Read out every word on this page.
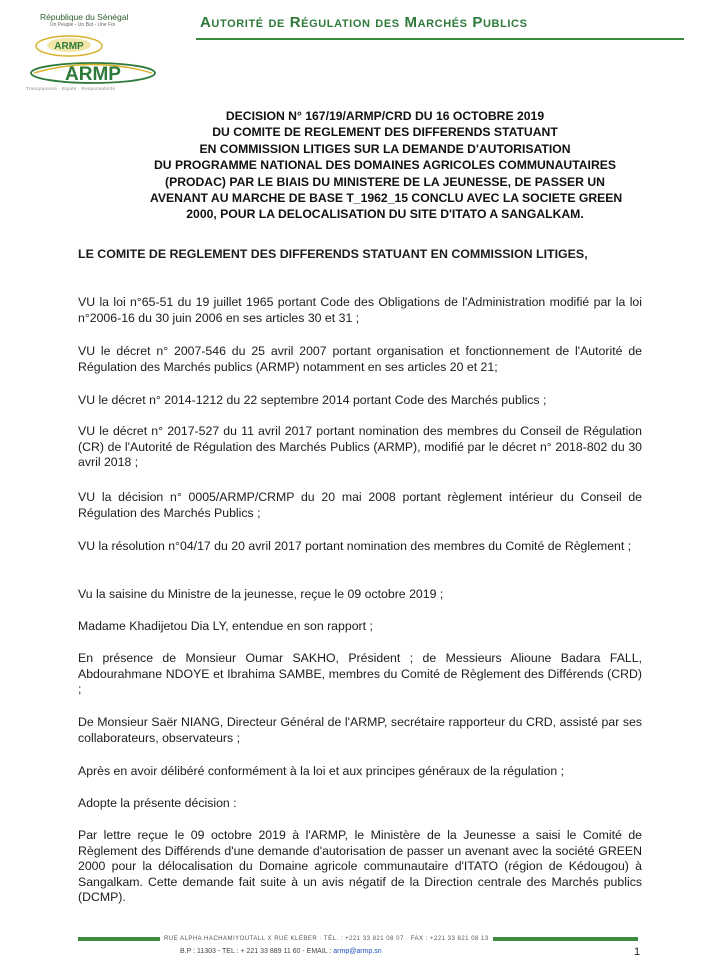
République du Sénégal
Un Peuple - Un But - Une Foi
ARMP
ARMP
Transparence · Equité · Responsabilité
Autorité de Régulation des Marchés Publics
DECISION N° 167/19/ARMP/CRD DU 16 OCTOBRE 2019
DU COMITE DE REGLEMENT DES DIFFERENDS STATUANT
EN COMMISSION LITIGES SUR LA DEMANDE D'AUTORISATION
DU PROGRAMME NATIONAL DES DOMAINES AGRICOLES COMMUNAUTAIRES
(PRODAC) PAR LE BIAIS DU MINISTERE DE LA JEUNESSE, DE PASSER UN
AVENANT AU MARCHE DE BASE T_1962_15 CONCLU AVEC LA SOCIETE GREEN
2000, POUR LA DELOCALISATION DU SITE D'ITATO A SANGALKAM.
LE COMITE DE REGLEMENT DES DIFFERENDS STATUANT EN COMMISSION LITIGES,
VU la loi n°65-51 du 19 juillet 1965 portant Code des Obligations de l'Administration modifié par la loi n°2006-16 du 30 juin 2006 en ses articles 30 et 31 ;
VU le décret n° 2007-546 du 25 avril 2007 portant organisation et fonctionnement de l'Autorité de Régulation des Marchés publics (ARMP) notamment en ses articles 20 et 21;
VU le décret n° 2014-1212 du 22 septembre 2014 portant Code des Marchés publics ;
VU le décret n° 2017-527 du 11 avril 2017 portant nomination des membres du Conseil de Régulation (CR) de l'Autorité de Régulation des Marchés Publics (ARMP), modifié par le décret n° 2018-802 du 30 avril 2018 ;
VU la décision n° 0005/ARMP/CRMP du 20 mai 2008 portant règlement intérieur du Conseil de Régulation des Marchés Publics ;
VU la résolution n°04/17 du 20 avril 2017 portant nomination des membres du Comité de Règlement ;
Vu la saisine du Ministre de la jeunesse, reçue le 09 octobre 2019 ;
Madame Khadijetou Dia LY, entendue en son rapport ;
En présence de Monsieur Oumar SAKHO, Président ; de Messieurs Alioune Badara FALL, Abdourahmane NDOYE et Ibrahima SAMBE, membres du Comité de Règlement des Différends (CRD) ;
De Monsieur Saër NIANG, Directeur Général de l'ARMP, secrétaire rapporteur du CRD, assisté par ses collaborateurs, observateurs ;
Après en avoir délibéré conformément à la loi et aux principes généraux de la régulation ;
Adopte la présente décision :
Par lettre reçue le 09 octobre 2019 à l'ARMP, le Ministère de la Jeunesse a saisi le Comité de Règlement des Différends d'une demande d'autorisation de passer un avenant avec la société GREEN 2000 pour la délocalisation du Domaine agricole communautaire d'ITATO (région de Kédougou) à Sangalkam. Cette demande fait suite à un avis négatif de la Direction centrale des Marchés publics (DCMP).
RUE ALPHA HACHAMIYOUTALL X RUE KLÉBER · TÉL. : +221 33 821 08 07 · FAX : +221 33 821 08 13
B.P : 11303 - TEL : + 221 33 889 11 60 - EMAIL : armp@armp.sn	1
